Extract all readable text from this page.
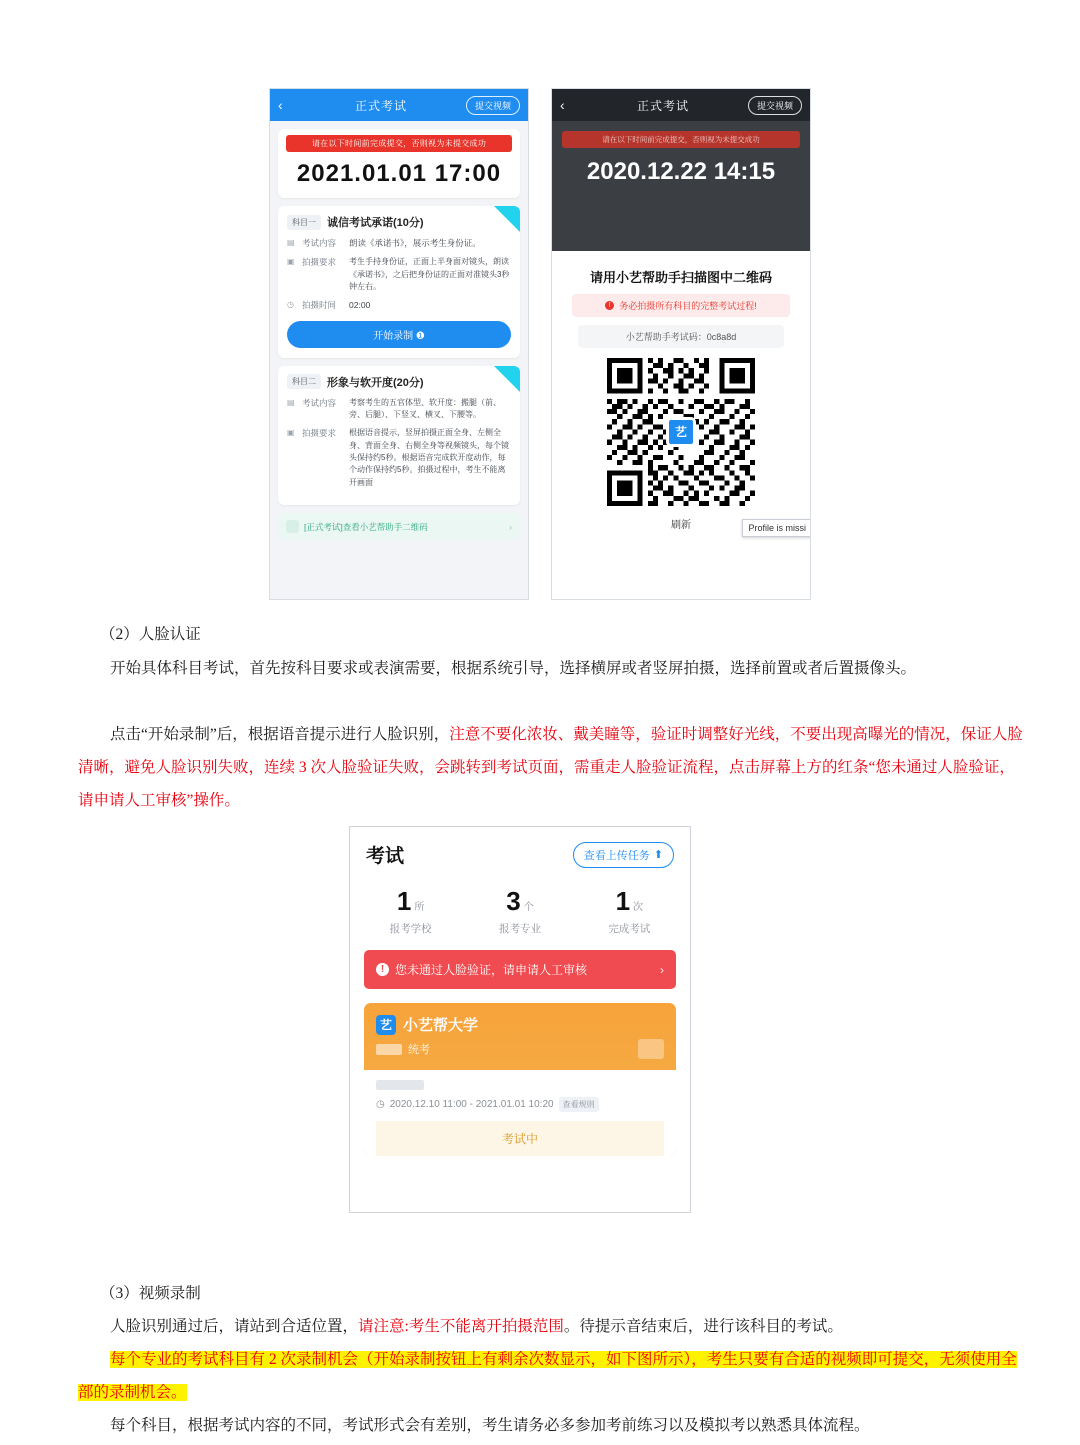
‹	正式考试	提交视频
请在以下时间前完成提交，否则视为未提交成功
2021.01.01 17:00
科目一	诚信考试承诺(10分)
▤ 考试内容	朗读《承诺书》，展示考生身份证。
▣ 拍摄要求	考生手持身份证，正面上半身面对镜头，朗读《承诺书》，之后把身份证的正面对准镜头3秒钟左右。
◷ 拍摄时间	02:00
开始录制 ❶
科目二	形象与软开度(20分)
▤ 考试内容	考察考生的五官体型、软开度：搬腿（前、旁、后腿）、下竖叉、横叉、下腰等。
▣ 拍摄要求	根据语音提示，竖屏拍摄正面全身、左侧全身、背面全身、右侧全身等视频镜头，每个镜头保持约5秒。根据语音完成软开度动作，每个动作保持约5秒。拍摄过程中，考生不能离开画面
[正式考试]查看小艺帮助手二维码	›
‹	正式考试	提交视频
请在以下时间前完成提交，否则视为未提交成功
2020.12.22 14:15
请用小艺帮助手扫描图中二维码
! 务必拍摄所有科目的完整考试过程!
小艺帮助手考试码：0c8a8d
艺
Profile is missi
刷新
（2）人脸认证
开始具体科目考试，首先按科目要求或表演需要，根据系统引导，选择横屏或者竖屏拍摄，选择前置或者后置摄像头。
点击“开始录制”后，根据语音提示进行人脸识别，注意不要化浓妆、戴美瞳等，验证时调整好光线，不要出现高曝光的情况，保证人脸清晰，避免人脸识别失败，连续 3 次人脸验证失败，会跳转到考试页面，需重走人脸验证流程，点击屏幕上方的红条“您未通过人脸验证，请申请人工审核”操作。
考试	查看上传任务 ⬆
1 所
报考学校
3 个
报考专业
1 次
完成考试
! 您未通过人脸验证，请申请人工审核	›
艺 小艺帮大学
统考
◷ 2020.12.10 11:00 - 2021.01.01 10:20	查看规则
考试中
（3）视频录制
人脸识别通过后，请站到合适位置，请注意:考生不能离开拍摄范围。待提示音结束后，进行该科目的考试。
每个专业的考试科目有 2 次录制机会（开始录制按钮上有剩余次数显示，如下图所示），考生只要有合适的视频即可提交，无须使用全部的录制机会。
每个科目，根据考试内容的不同，考试形式会有差别，考生请务必多参加考前练习以及模拟考以熟悉具体流程。
